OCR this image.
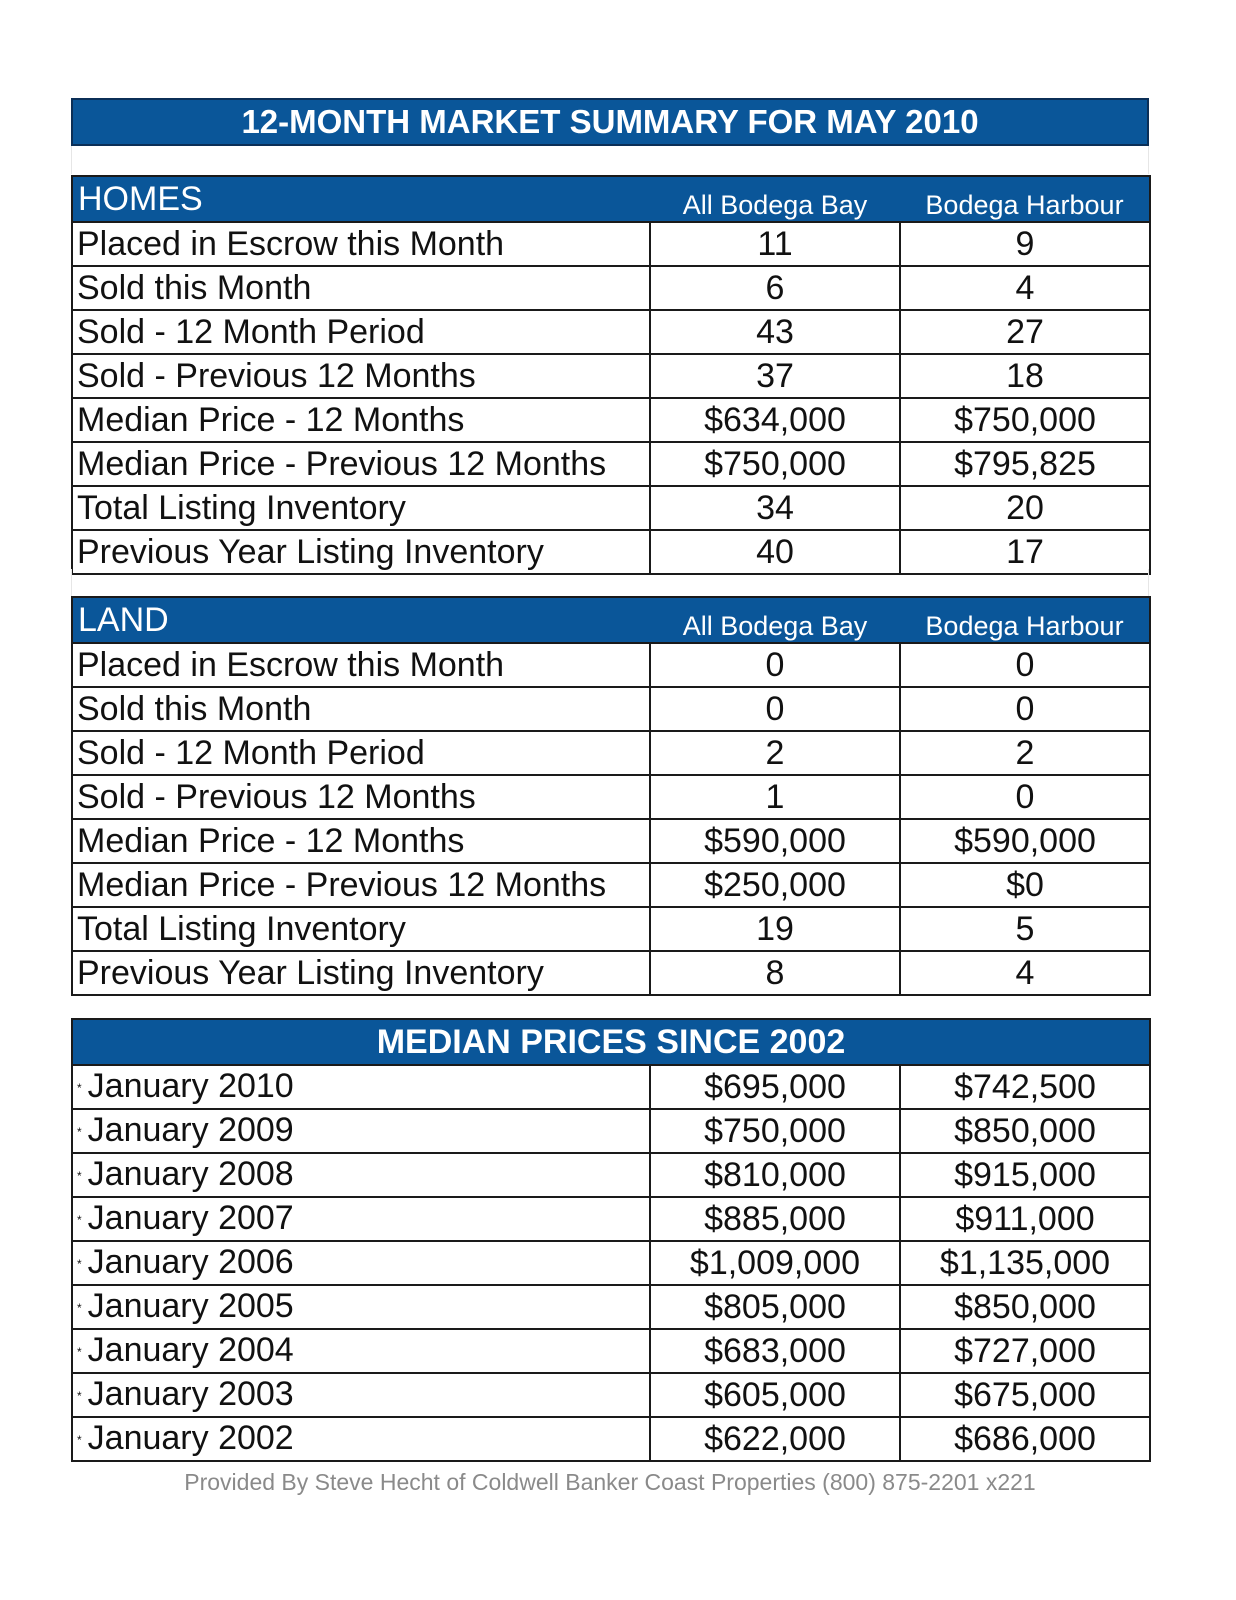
12-MONTH MARKET SUMMARY FOR MAY 2010
HOMES	All Bodega Bay	Bodega Harbour
Placed in Escrow this Month	11	9
Sold this Month	6	4
Sold - 12 Month Period	43	27
Sold - Previous 12 Months	37	18
Median Price - 12 Months	$634,000	$750,000
Median Price - Previous 12 Months	$750,000	$795,825
Total Listing Inventory	34	20
Previous Year Listing Inventory	40	17
LAND	All Bodega Bay	Bodega Harbour
Placed in Escrow this Month	0	0
Sold this Month	0	0
Sold - 12 Month Period	2	2
Sold - Previous 12 Months	1	0
Median Price - 12 Months	$590,000	$590,000
Median Price - Previous 12 Months	$250,000	$0
Total Listing Inventory	19	5
Previous Year Listing Inventory	8	4
MEDIAN PRICES SINCE 2002		
* January 2010	$695,000	$742,500
* January 2009	$750,000	$850,000
* January 2008	$810,000	$915,000
* January 2007	$885,000	$911,000
* January 2006	$1,009,000	$1,135,000
* January 2005	$805,000	$850,000
* January 2004	$683,000	$727,000
* January 2003	$605,000	$675,000
* January 2002	$622,000	$686,000
Provided By Steve Hecht of Coldwell Banker Coast Properties (800) 875-2201 x221
